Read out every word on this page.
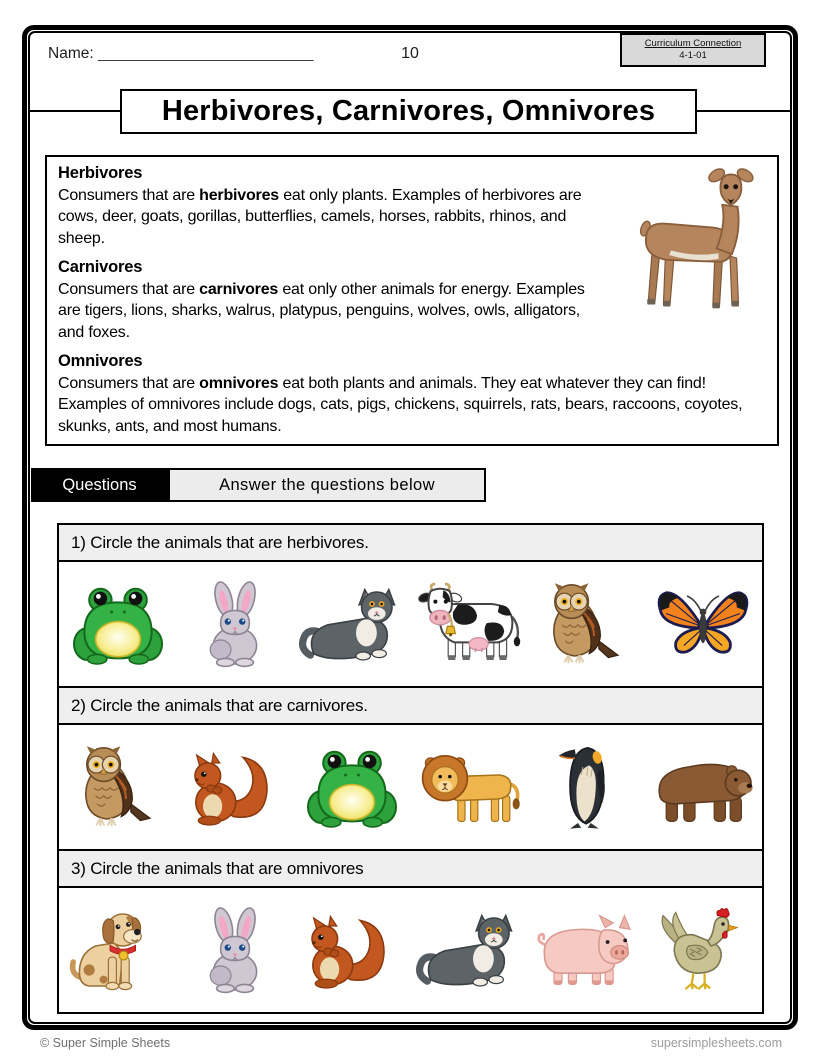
Name: _________________________	10
Curriculum Connection
4-1-01
Herbivores, Carnivores, Omnivores
Herbivores

Consumers that are herbivores eat only plants. Examples of herbivores are cows, deer, goats, gorillas, butterflies, camels, horses, rabbits, rhinos, and sheep.

Carnivores

Consumers that are carnivores eat only other animals for energy. Examples are tigers, lions, sharks, walrus, platypus, penguins, wolves, owls, alligators, and foxes.

Omnivores

Consumers that are omnivores eat both plants and animals. They eat whatever they can find! Examples of omnivores include dogs, cats, pigs, chickens, squirrels, rats, bears, raccoons, coyotes, skunks, ants, and most humans.

Questions	Answer the questions below
1) Circle the animals that are herbivores.
2) Circle the animals that are carnivores.
3) Circle the animals that are omnivores
© Super Simple Sheets	supersimplesheets.com
